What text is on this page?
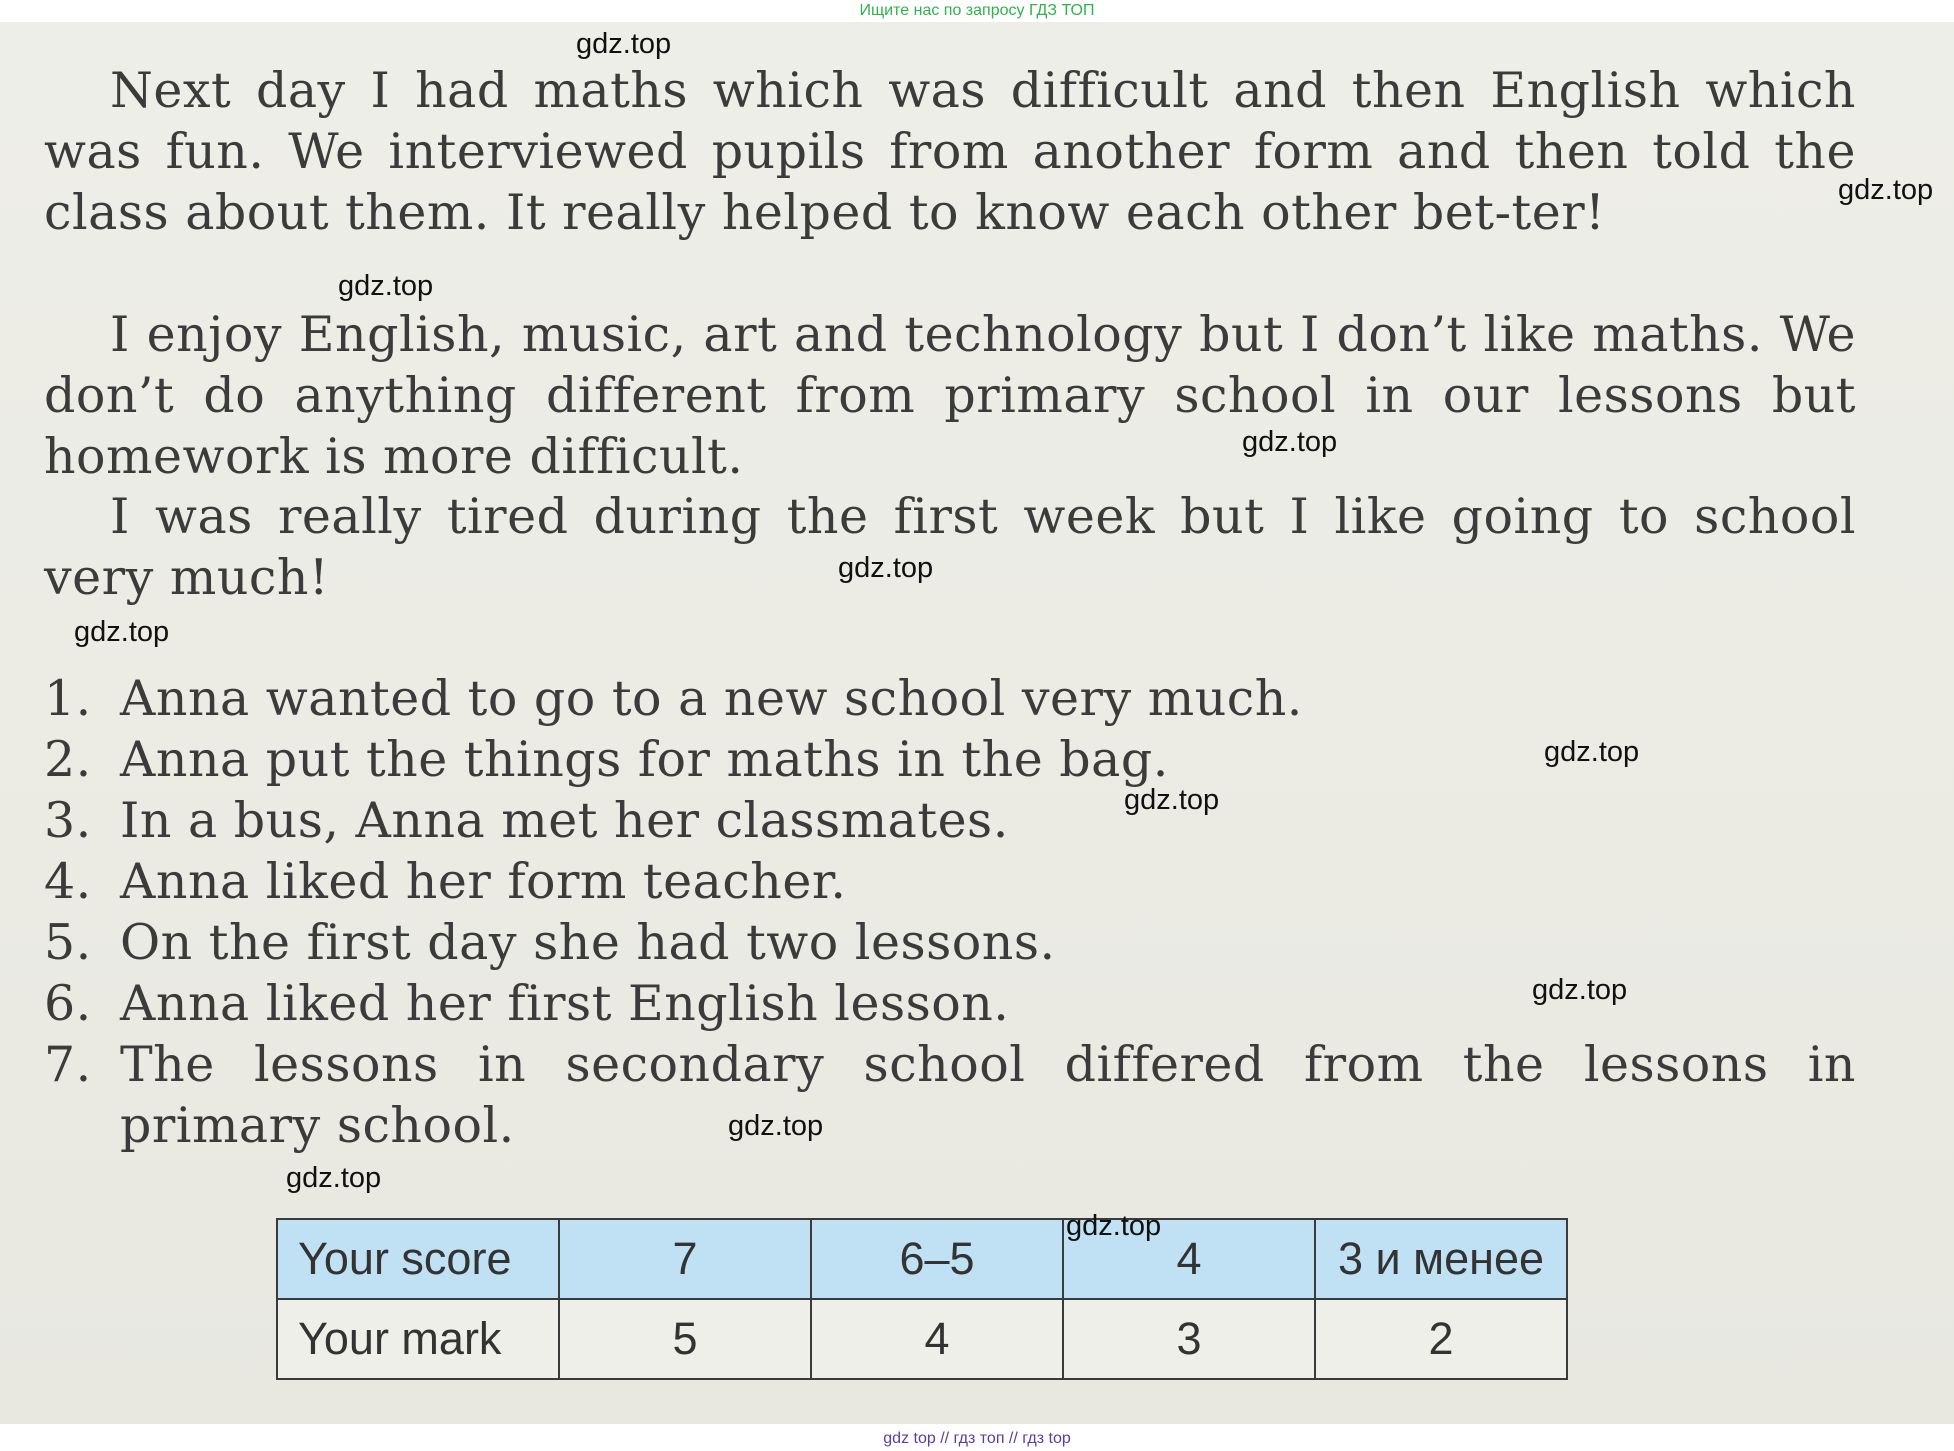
Ищите нас по запросу ГДЗ ТОП

Next day I had maths which was difficult and then English which was fun. We interviewed pupils from another form and then told the class about them. It really helped to know each other bet-ter!

I enjoy English, music, art and technology but I don’t like maths. We don’t do anything different from primary school in our lessons but homework is more difficult.

I was really tired during the first week but I like going to school very much!

1. Anna wanted to go to a new school very much.
2. Anna put the things for maths in the bag.
3. In a bus, Anna met her classmates.
4. Anna liked her form teacher.
5. On the first day she had two lessons.
6. Anna liked her first English lesson.
7. The lessons in secondary school differed from the lessons in primary school.
Your score	7	6–5	4	3 и менее
Your mark	5	4	3	2
gdz.top
gdz.top
gdz.top
gdz.top
gdz.top
gdz.top
gdz.top
gdz.top
gdz.top
gdz.top
gdz.top
gdz.top
gdz top // гдз топ // гдз top
